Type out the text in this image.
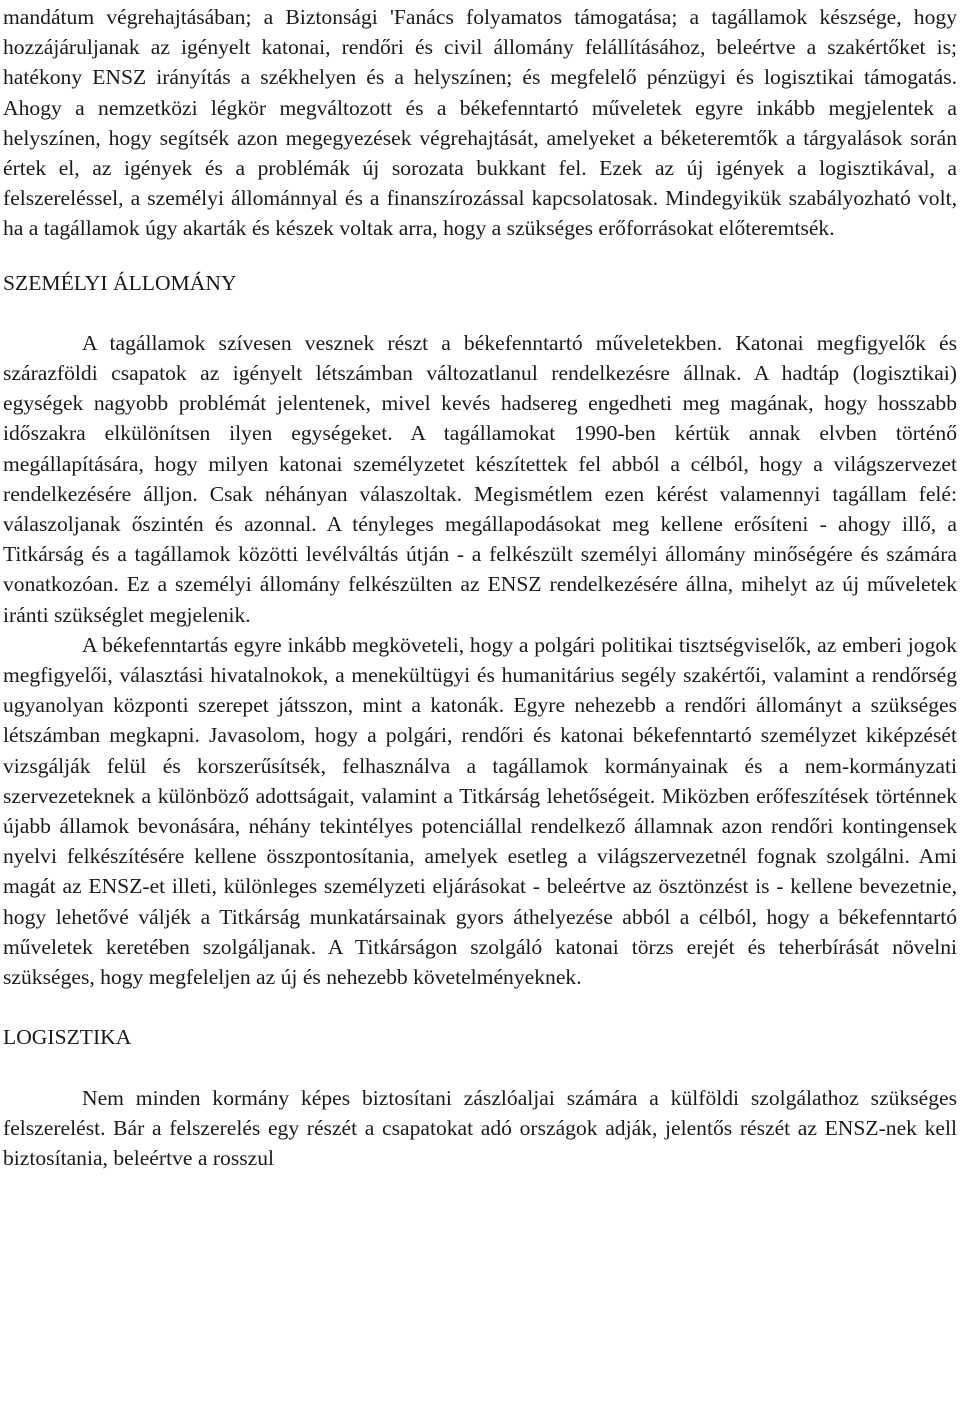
mandátum végrehajtásában; a Biztonsági 'Fanács folyamatos támogatása; a tagállamok készsége, hogy hozzájáruljanak az igényelt katonai, rendőri és civil állomány felállításához, beleértve a szakértőket is; hatékony ENSZ irányítás a székhelyen és a helyszínen; és megfelelő pénzügyi és logisztikai támogatás. Ahogy a nemzetközi légkör megváltozott és a békefenntartó műveletek egyre inkább megjelentek a helyszínen, hogy segítsék azon megegyezések végrehajtását, amelyeket a béketeremtők a tárgyalások során értek el, az igények és a problémák új sorozata bukkant fel. Ezek az új igények a logisztikával, a felszereléssel, a személyi állománnyal és a finanszírozással kapcsolatosak. Mindegyikük szabályozható volt, ha a tagállamok úgy akarták és készek voltak arra, hogy a szükséges erőforrásokat előteremtsék.

SZEMÉLYI ÁLLOMÁNY

A tagállamok szívesen vesznek részt a békefenntartó műveletekben. Katonai megfigyelők és szárazföldi csapatok az igényelt létszámban változatlanul rendelkezésre állnak. A hadtáp (logisztikai) egységek nagyobb problémát jelentenek, mivel kevés hadsereg engedheti meg magának, hogy hosszabb időszakra elkülönítsen ilyen egységeket. A tagállamokat 1990-ben kértük annak elvben történő megállapítására, hogy milyen katonai személyzetet készítettek fel abból a célból, hogy a világszervezet rendelkezésére álljon. Csak néhányan válaszoltak. Megismétlem ezen kérést valamennyi tagállam felé: válaszoljanak őszintén és azonnal. A tényleges megállapodásokat meg kellene erősíteni - ahogy illő, a Titkárság és a tagállamok közötti levélváltás útján - a felkészült személyi állomány minőségére és számára vonatkozóan. Ez a személyi állomány felkészülten az ENSZ rendelkezésére állna, mihelyt az új műveletek iránti szükséglet megjelenik.

A békefenntartás egyre inkább megköveteli, hogy a polgári politikai tisztségviselők, az emberi jogok megfigyelői, választási hivatalnokok, a menekültügyi és humanitárius segély szakértői, valamint a rendőrség ugyanolyan központi szerepet játsszon, mint a katonák. Egyre nehezebb a rendőri állományt a szükséges létszámban megkapni. Javasolom, hogy a polgári, rendőri és katonai békefenntartó személyzet kiképzését vizsgálják felül és korszerűsítsék, felhasználva a tagállamok kormányainak és a nem-kormányzati szervezeteknek a különböző adottságait, valamint a Titkárság lehetőségeit. Miközben erőfeszítések történnek újabb államok bevonására, néhány tekintélyes potenciállal rendelkező államnak azon rendőri kontingensek nyelvi felkészítésére kellene összpontosítania, amelyek esetleg a világszervezetnél fognak szolgálni. Ami magát az ENSZ-et illeti, különleges személyzeti eljárásokat - beleértve az ösztönzést is - kellene bevezetnie, hogy lehetővé váljék a Titkárság munkatársainak gyors áthelyezése abból a célból, hogy a békefenntartó műveletek keretében szolgáljanak. A Titkárságon szolgáló katonai törzs erejét és teherbírását növelni szükséges, hogy megfeleljen az új és nehezebb követelményeknek.

LOGISZTIKA

Nem minden kormány képes biztosítani zászlóaljai számára a külföldi szolgálathoz szükséges felszerelést. Bár a felszerelés egy részét a csapatokat adó országok adják, jelentős részét az ENSZ-nek kell biztosítania, beleértve a rosszul
